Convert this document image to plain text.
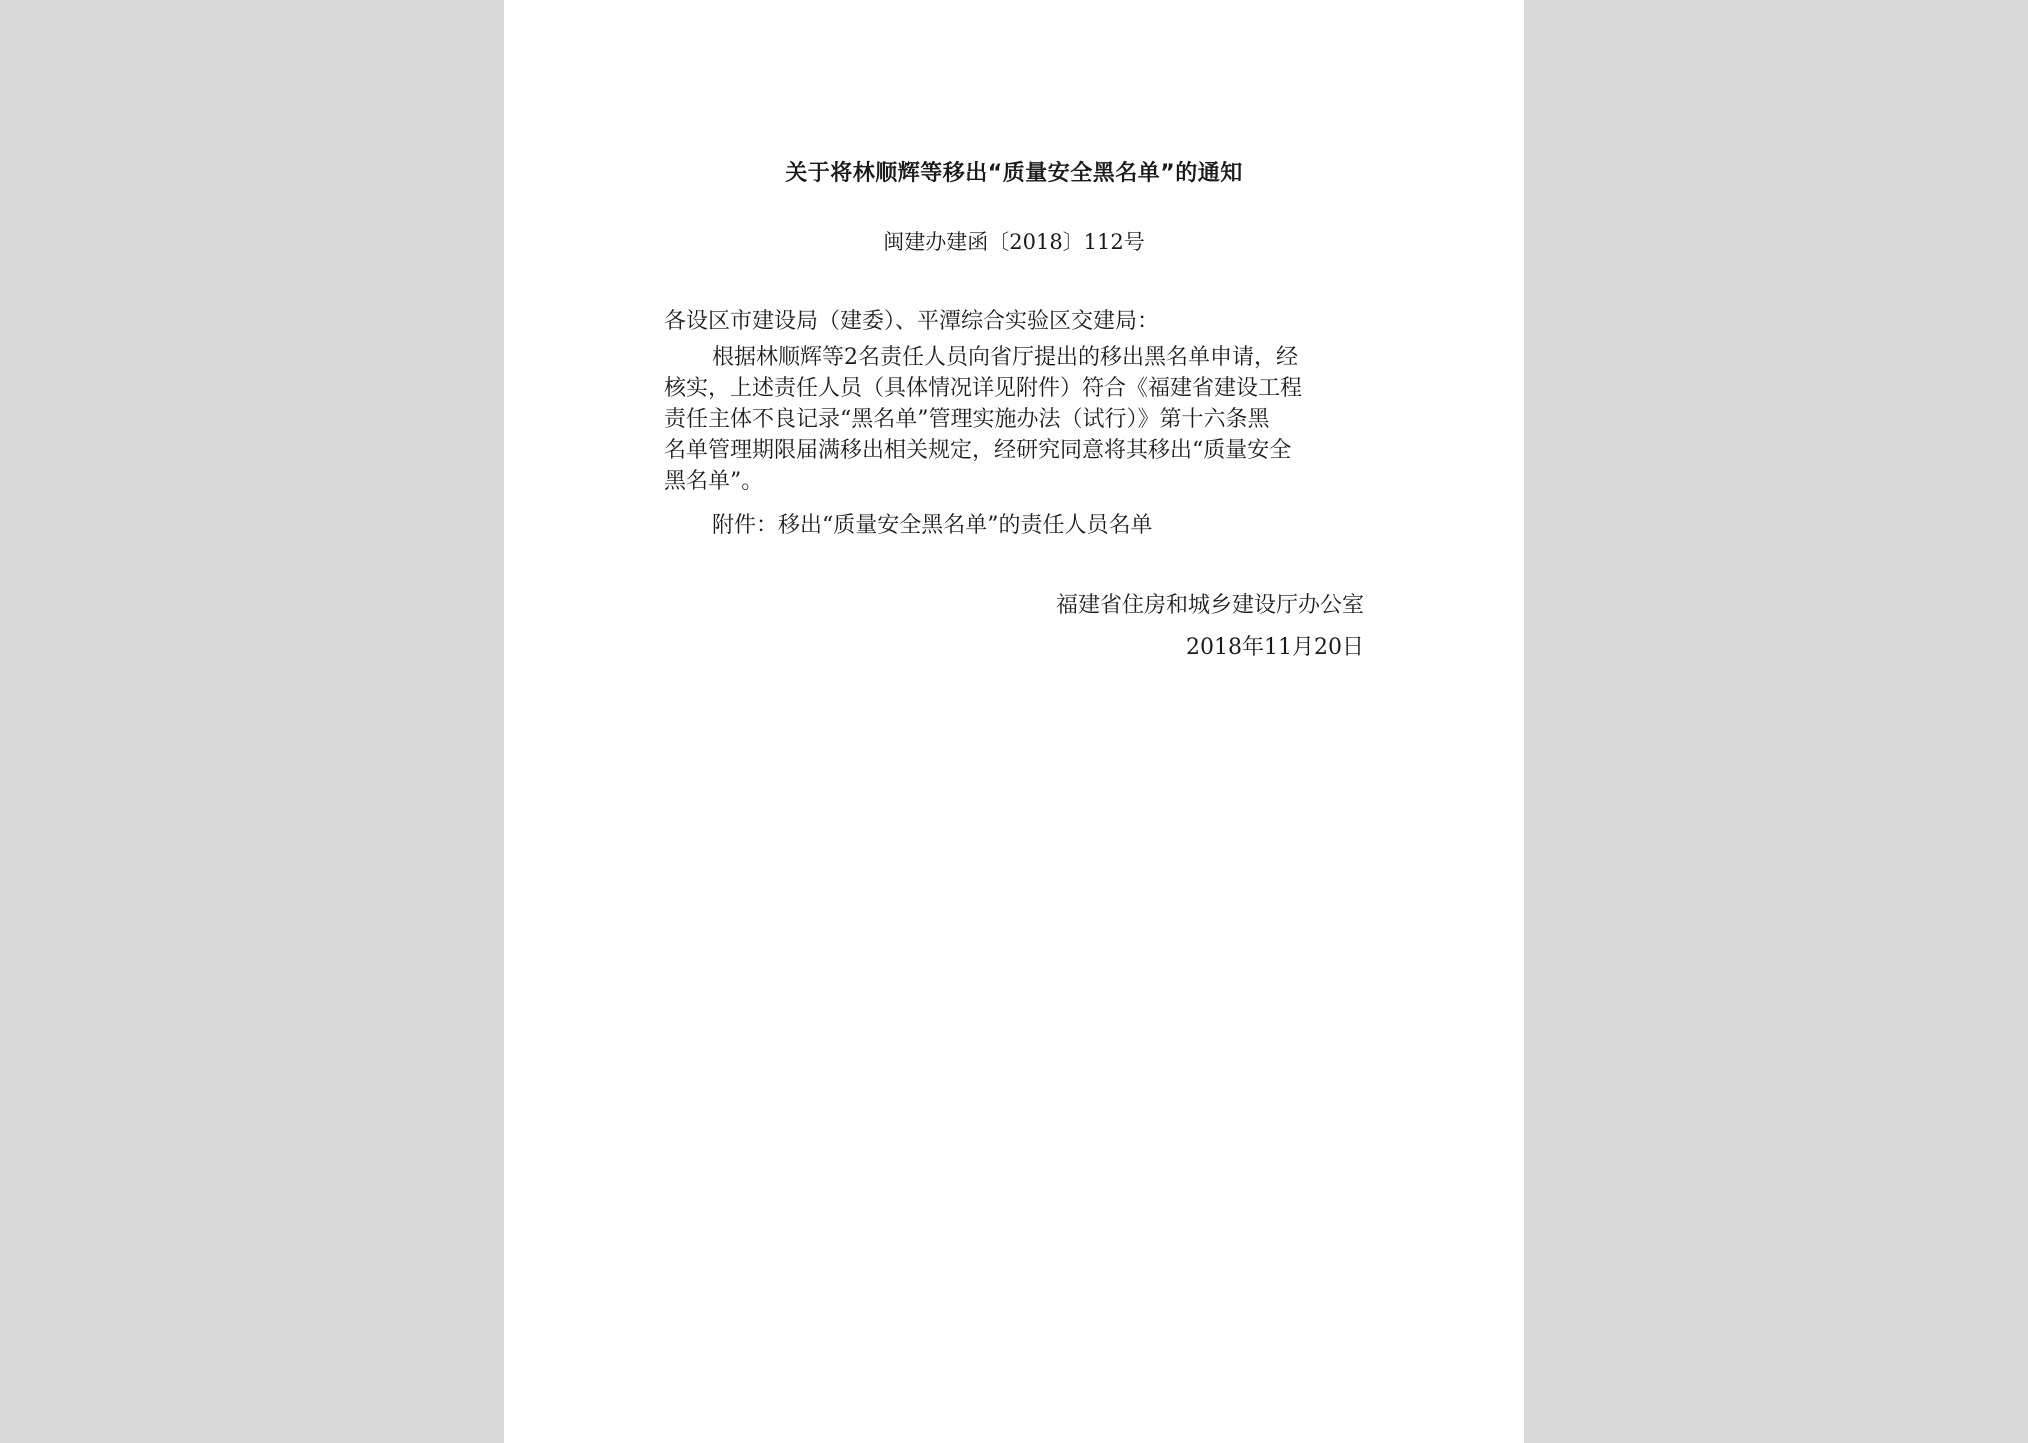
关于将林顺辉等移出“质量安全黑名单”的通知
闽建办建函〔2018〕112号
各设区市建设局（建委）、平潭综合实验区交建局：
根据林顺辉等2名责任人员向省厅提出的移出黑名单申请，经
核实，上述责任人员（具体情况详见附件）符合《福建省建设工程
责任主体不良记录“黑名单”管理实施办法（试行）》第十六条黑
名单管理期限届满移出相关规定，经研究同意将其移出“质量安全
黑名单”。
附件：移出“质量安全黑名单”的责任人员名单
福建省住房和城乡建设厅办公室
2018年11月20日
